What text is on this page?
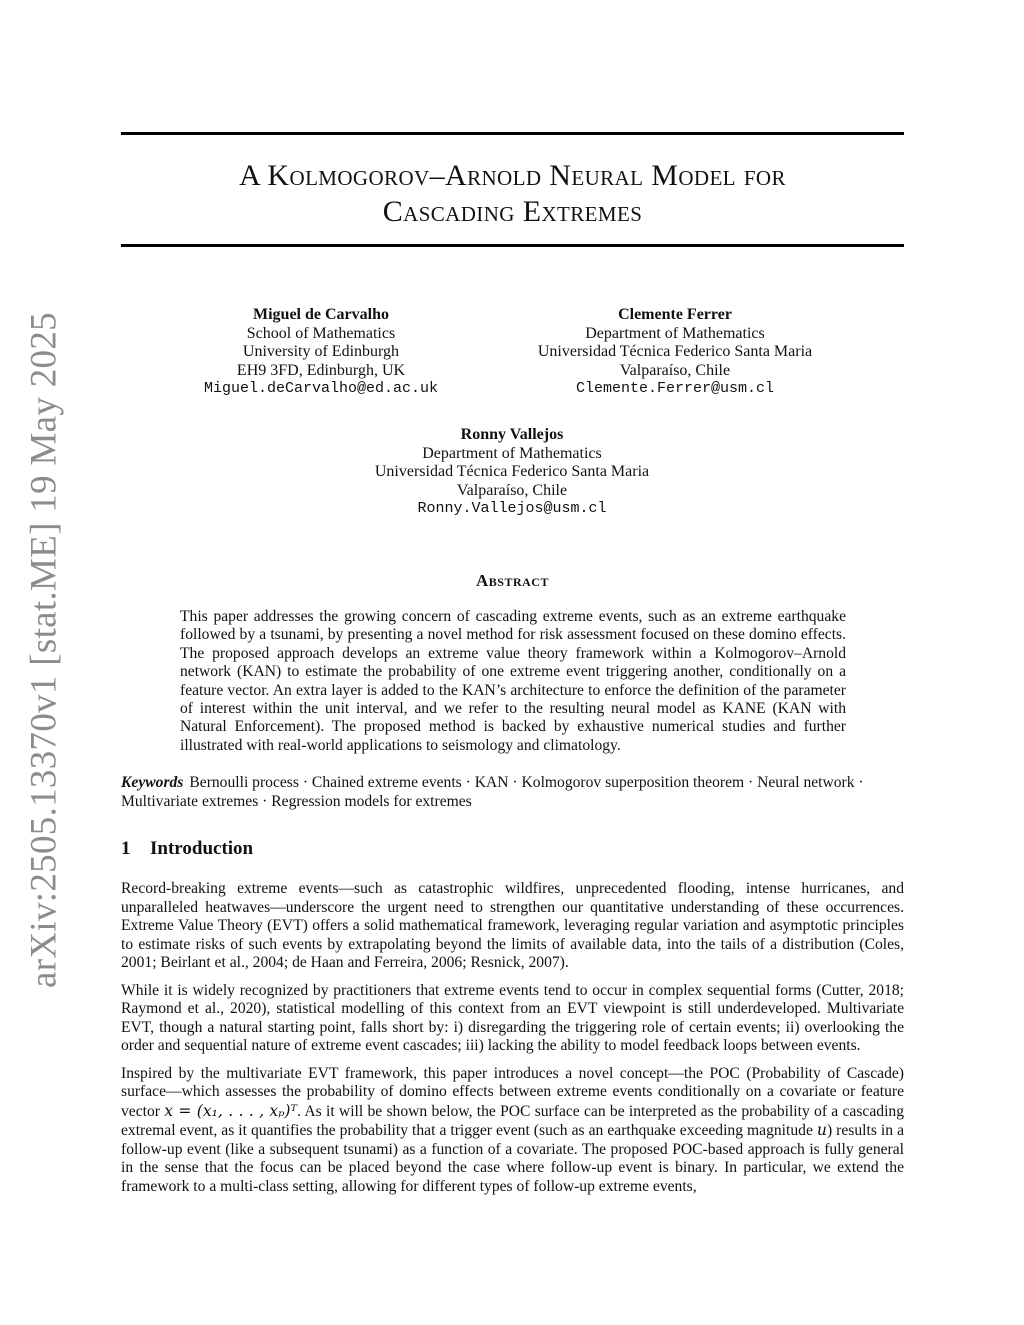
arXiv:2505.13370v1 [stat.ME] 19 May 2025
A Kolmogorov–Arnold Neural Model for
Cascading Extremes
Miguel de Carvalho
School of Mathematics
University of Edinburgh
EH9 3FD, Edinburgh, UK
Miguel.deCarvalho@ed.ac.uk
Clemente Ferrer
Department of Mathematics
Universidad Técnica Federico Santa Maria
Valparaíso, Chile
Clemente.Ferrer@usm.cl
Ronny Vallejos
Department of Mathematics
Universidad Técnica Federico Santa Maria
Valparaíso, Chile
Ronny.Vallejos@usm.cl
Abstract
This paper addresses the growing concern of cascading extreme events, such as an extreme earthquake followed by a tsunami, by presenting a novel method for risk assessment focused on these domino effects. The proposed approach develops an extreme value theory framework within a Kolmogorov–Arnold network (KAN) to estimate the probability of one extreme event triggering another, conditionally on a feature vector. An extra layer is added to the KAN’s architecture to enforce the definition of the parameter of interest within the unit interval, and we refer to the resulting neural model as KANE (KAN with Natural Enforcement). The proposed method is backed by exhaustive numerical studies and further illustrated with real-world applications to seismology and climatology.
Keywords Bernoulli process · Chained extreme events · KAN · Kolmogorov superposition theorem · Neural network · Multivariate extremes · Regression models for extremes
1 Introduction

Record-breaking extreme events—such as catastrophic wildfires, unprecedented flooding, intense hurricanes, and unparalleled heatwaves—underscore the urgent need to strengthen our quantitative understanding of these occurrences. Extreme Value Theory (EVT) offers a solid mathematical framework, leveraging regular variation and asymptotic principles to estimate risks of such events by extrapolating beyond the limits of available data, into the tails of a distribution (Coles, 2001; Beirlant et al., 2004; de Haan and Ferreira, 2006; Resnick, 2007).

While it is widely recognized by practitioners that extreme events tend to occur in complex sequential forms (Cutter, 2018; Raymond et al., 2020), statistical modelling of this context from an EVT viewpoint is still underdeveloped. Multivariate EVT, though a natural starting point, falls short by: i) disregarding the triggering role of certain events; ii) overlooking the order and sequential nature of extreme event cascades; iii) lacking the ability to model feedback loops between events.

Inspired by the multivariate EVT framework, this paper introduces a novel concept—the POC (Probability of Cascade) surface—which assesses the probability of domino effects between extreme events conditionally on a covariate or feature vector x = (x₁, . . . , xₚ)ᵀ. As it will be shown below, the POC surface can be interpreted as the probability of a cascading extremal event, as it quantifies the probability that a trigger event (such as an earthquake exceeding magnitude u) results in a follow-up event (like a subsequent tsunami) as a function of a covariate. The proposed POC-based approach is fully general in the sense that the focus can be placed beyond the case where follow-up event is binary. In particular, we extend the framework to a multi-class setting, allowing for different types of follow-up extreme events,
